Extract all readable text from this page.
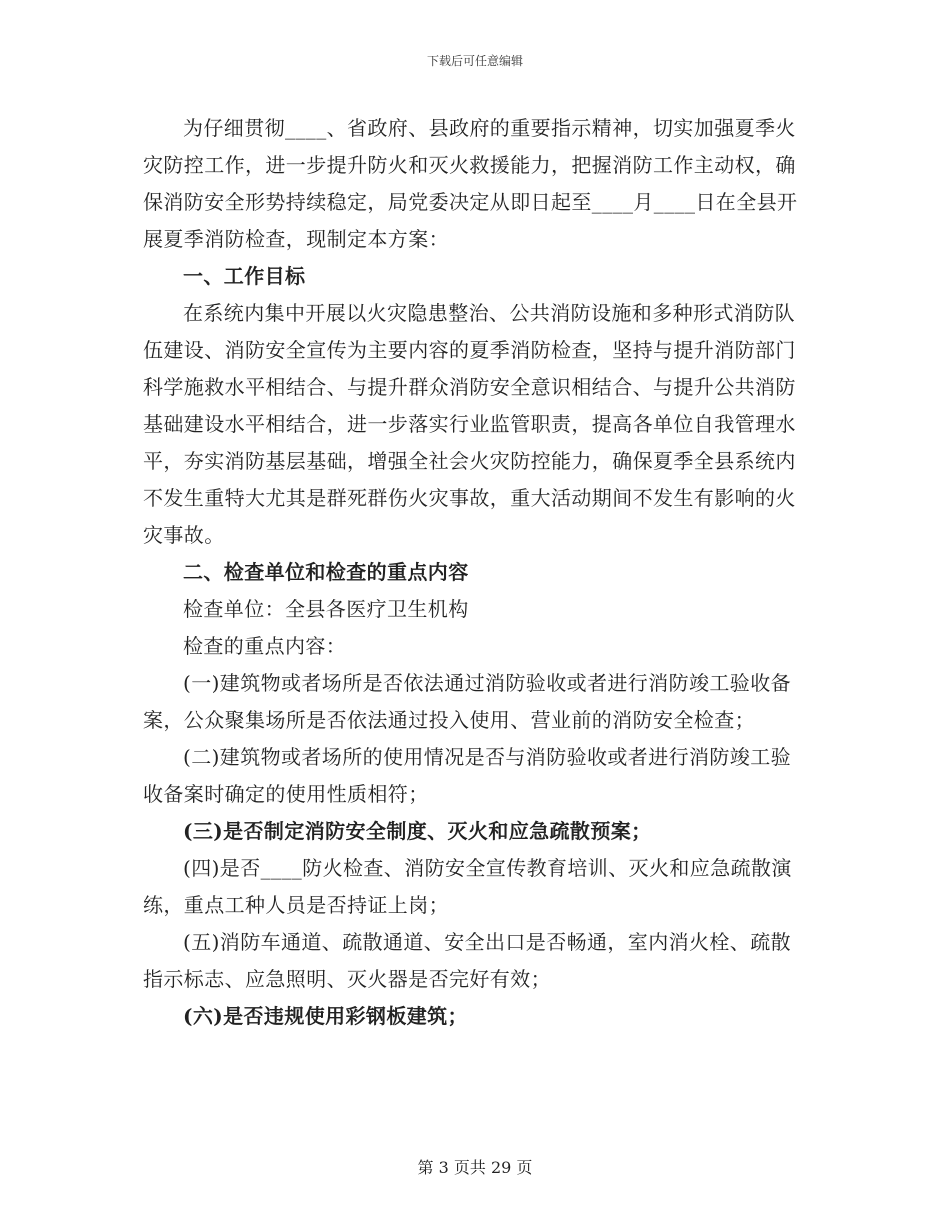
下载后可任意编辑

为仔细贯彻____、省政府、县政府的重要指示精神，切实加强夏季火灾防控工作，进一步提升防火和灭火救援能力，把握消防工作主动权，确保消防安全形势持续稳定，局党委决定从即日起至____月____日在全县开展夏季消防检查，现制定本方案：

一、工作目标

在系统内集中开展以火灾隐患整治、公共消防设施和多种形式消防队伍建设、消防安全宣传为主要内容的夏季消防检查，坚持与提升消防部门科学施救水平相结合、与提升群众消防安全意识相结合、与提升公共消防基础建设水平相结合，进一步落实行业监管职责，提高各单位自我管理水平，夯实消防基层基础，增强全社会火灾防控能力，确保夏季全县系统内不发生重特大尤其是群死群伤火灾事故，重大活动期间不发生有影响的火灾事故。

二、检查单位和检查的重点内容

检查单位：全县各医疗卫生机构

检查的重点内容：

(一)建筑物或者场所是否依法通过消防验收或者进行消防竣工验收备案，公众聚集场所是否依法通过投入使用、营业前的消防安全检查；

(二)建筑物或者场所的使用情况是否与消防验收或者进行消防竣工验收备案时确定的使用性质相符；

(三)是否制定消防安全制度、灭火和应急疏散预案；

(四)是否____防火检查、消防安全宣传教育培训、灭火和应急疏散演练，重点工种人员是否持证上岗；

(五)消防车通道、疏散通道、安全出口是否畅通，室内消火栓、疏散指示标志、应急照明、灭火器是否完好有效；

(六)是否违规使用彩钢板建筑；

第 3 页共 29 页
